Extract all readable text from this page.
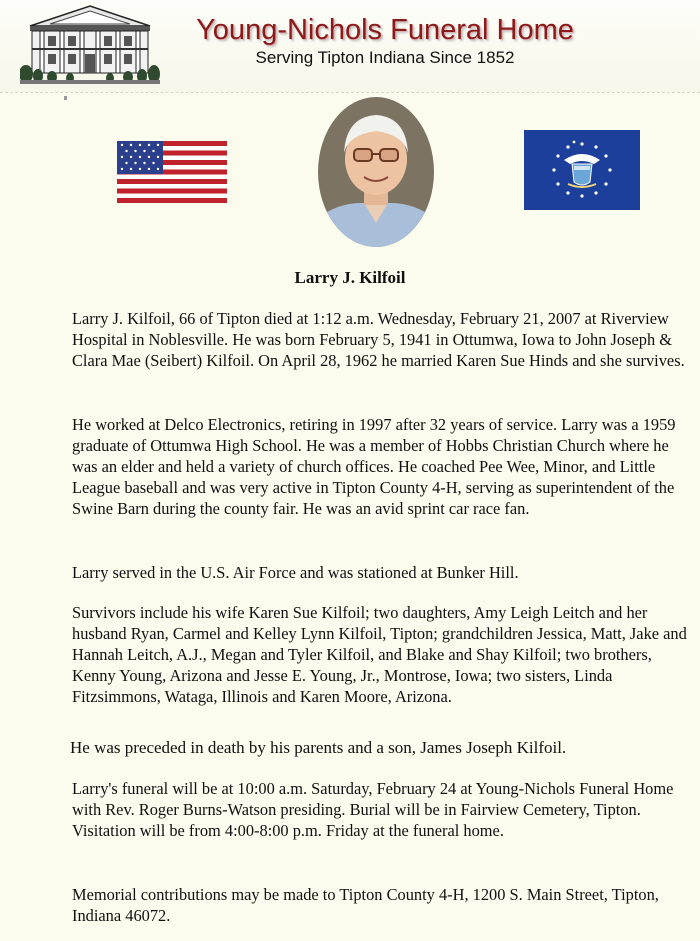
Young-Nichols Funeral Home
Serving Tipton Indiana Since 1852
Larry J. Kilfoil

Larry J. Kilfoil, 66 of Tipton died at 1:12 a.m. Wednesday, February 21, 2007 at Riverview Hospital in Noblesville. He was born February 5, 1941 in Ottumwa, Iowa to John Joseph & Clara Mae (Seibert) Kilfoil. On April 28, 1962 he married Karen Sue Hinds and she survives.

He worked at Delco Electronics, retiring in 1997 after 32 years of service. Larry was a 1959 graduate of Ottumwa High School. He was a member of Hobbs Christian Church where he was an elder and held a variety of church offices. He coached Pee Wee, Minor, and Little League baseball and was very active in Tipton County 4-H, serving as superintendent of the Swine Barn during the county fair. He was an avid sprint car race fan.

Larry served in the U.S. Air Force and was stationed at Bunker Hill.

Survivors include his wife Karen Sue Kilfoil; two daughters, Amy Leigh Leitch and her husband Ryan, Carmel and Kelley Lynn Kilfoil, Tipton; grandchildren Jessica, Matt, Jake and Hannah Leitch, A.J., Megan and Tyler Kilfoil, and Blake and Shay Kilfoil; two brothers, Kenny Young, Arizona and Jesse E. Young, Jr., Montrose, Iowa; two sisters, Linda Fitzsimmons, Wataga, Illinois and Karen Moore, Arizona.

He was preceded in death by his parents and a son, James Joseph Kilfoil.

Larry's funeral will be at 10:00 a.m. Saturday, February 24 at Young-Nichols Funeral Home with Rev. Roger Burns-Watson presiding. Burial will be in Fairview Cemetery, Tipton. Visitation will be from 4:00-8:00 p.m. Friday at the funeral home.

Memorial contributions may be made to Tipton County 4-H, 1200 S. Main Street, Tipton, Indiana 46072.
